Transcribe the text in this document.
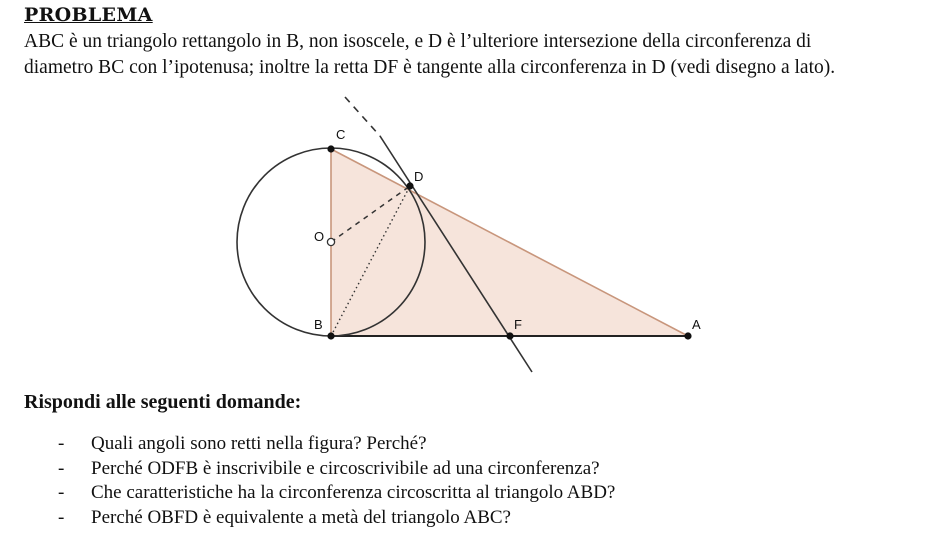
PROBLEMA
ABC è un triangolo rettangolo in B, non isoscele, e D è l’ulteriore intersezione della circonferenza di
diametro BC con l’ipotenusa; inoltre la retta DF è tangente alla circonferenza in D (vedi disegno a lato).
C
D
O
B	F	A
Rispondi alle seguenti domande:
- Quali angoli sono retti nella figura? Perché?
- Perché ODFB è inscrivibile e circoscrivibile ad una circonferenza?
- Che caratteristiche ha la circonferenza circoscritta al triangolo ABD?
- Perché OBFD è equivalente a metà del triangolo ABC?
